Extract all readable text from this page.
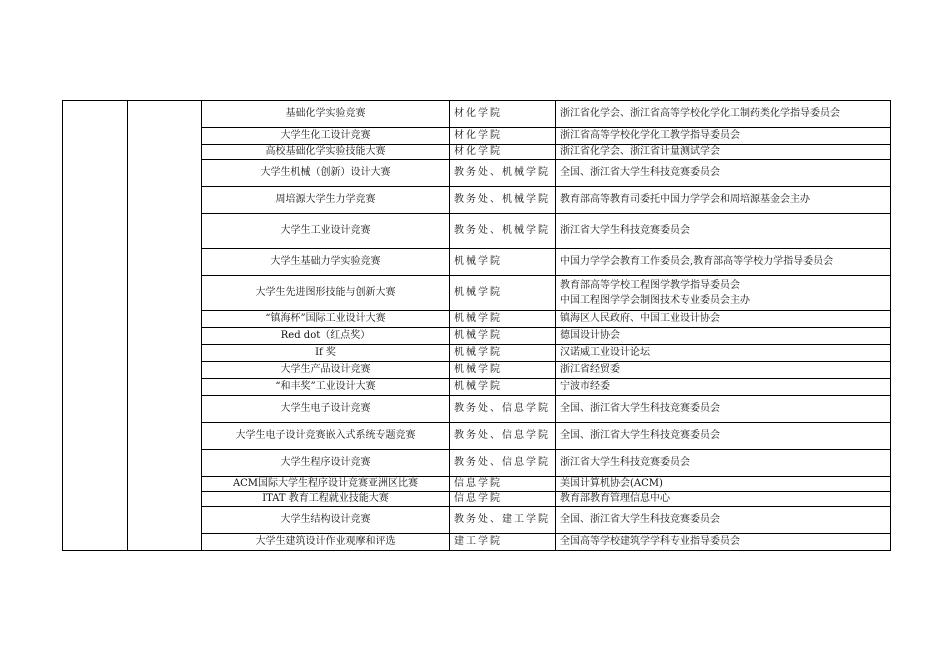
		基础化学实验竞赛	材化学院	浙江省化学会、浙江省高等学校化学化工制药类化学指导委员会
		大学生化工设计竞赛	材化学院	浙江省高等学校化学化工教学指导委员会
		高校基础化学实验技能大赛	材化学院	浙江省化学会、浙江省计量测试学会
		大学生机械（创新）设计大赛	教务处、机械学院	全国、浙江省大学生科技竞赛委员会
		周培源大学生力学竞赛	教务处、机械学院	教育部高等教育司委托中国力学学会和周培源基金会主办
		大学生工业设计竞赛	教务处、机械学院	浙江省大学生科技竞赛委员会
		大学生基础力学实验竞赛	机械学院	中国力学学会教育工作委员会,教育部高等学校力学指导委员会
		大学生先进图形技能与创新大赛	机械学院	教育部高等学校工程图学教学指导委员会
中国工程图学学会制图技术专业委员会主办

		“镇海杯”国际工业设计大赛	机械学院	镇海区人民政府、中国工业设计协会
		Red dot（红点奖）	机械学院	德国设计协会
		If 奖	机械学院	汉诺威工业设计论坛
		大学生产品设计竞赛	机械学院	浙江省经贸委
		“和丰奖”工业设计大赛	机械学院	宁波市经委
		大学生电子设计竞赛	教务处、信息学院	全国、浙江省大学生科技竞赛委员会
		大学生电子设计竞赛嵌入式系统专题竞赛	教务处、信息学院	全国、浙江省大学生科技竞赛委员会
		大学生程序设计竞赛	教务处、信息学院	浙江省大学生科技竞赛委员会
		ACM国际大学生程序设计竞赛亚洲区比赛	信息学院	美国计算机协会(ACM)
		ITAT 教育工程就业技能大赛	信息学院	教育部教育管理信息中心
		大学生结构设计竞赛	教务处、建工学院	全国、浙江省大学生科技竞赛委员会
		大学生建筑设计作业观摩和评选	建工学院	全国高等学校建筑学学科专业指导委员会
